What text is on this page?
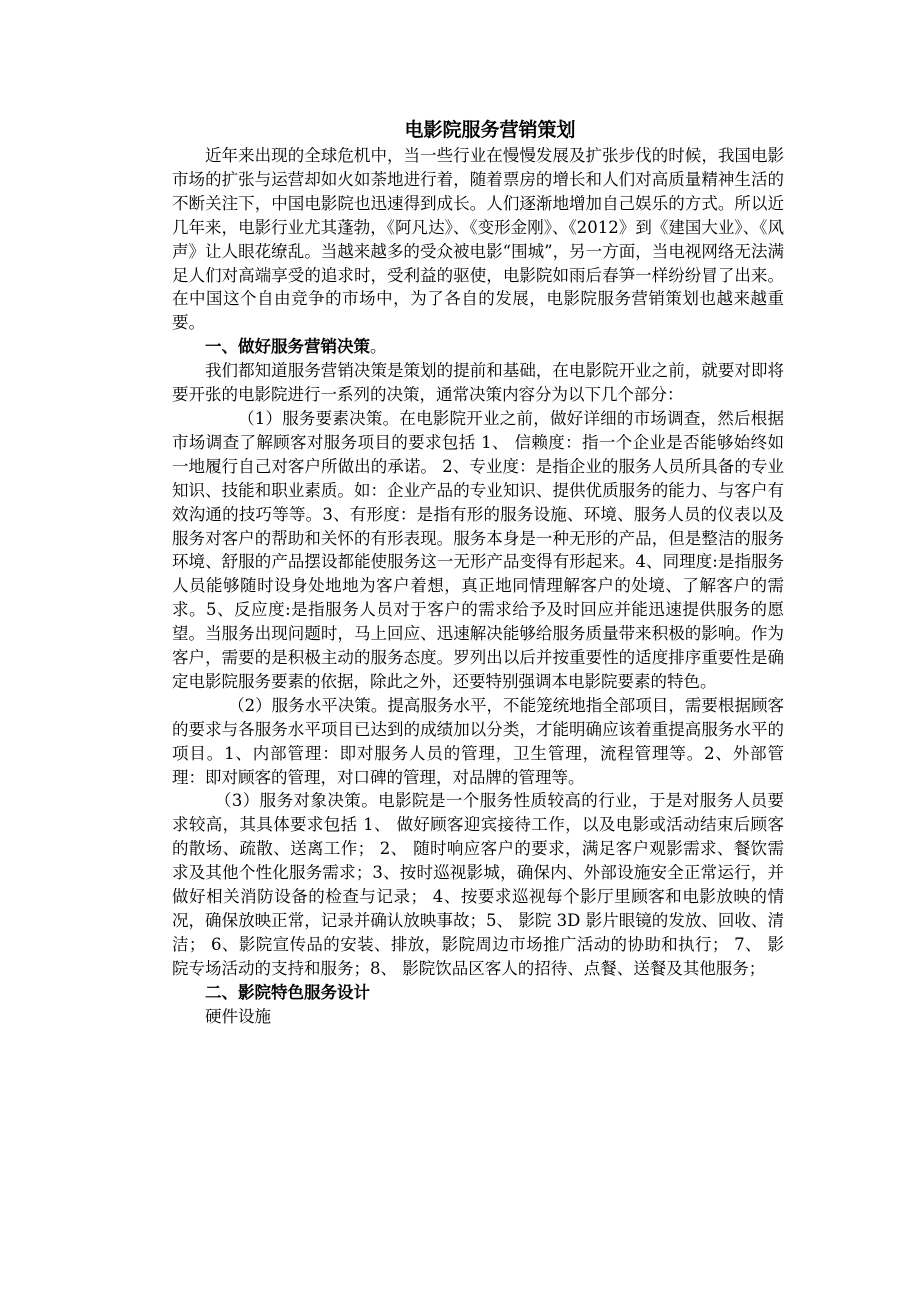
电影院服务营销策划

近年来出现的全球危机中，当一些行业在慢慢发展及扩张步伐的时候，我国电影市场的扩张与运营却如火如荼地进行着，随着票房的增长和人们对高质量精神生活的不断关注下，中国电影院也迅速得到成长。人们逐渐地增加自己娱乐的方式。所以近几年来，电影行业尤其蓬勃，《阿凡达》、《变形金刚》、《2012》到《建国大业》、《风声》让人眼花缭乱。当越来越多的受众被电影“围城”，另一方面，当电视网络无法满足人们对高端享受的追求时，受利益的驱使，电影院如雨后春笋一样纷纷冒了出来。在中国这个自由竞争的市场中，为了各自的发展，电影院服务营销策划也越来越重要。

一、做好服务营销决策。

我们都知道服务营销决策是策划的提前和基础，在电影院开业之前，就要对即将要开张的电影院进行一系列的决策，通常决策内容分为以下几个部分：

（1）服务要素决策。在电影院开业之前，做好详细的市场调查，然后根据市场调查了解顾客对服务项目的要求包括 1、 信赖度：指一个企业是否能够始终如一地履行自己对客户所做出的承诺。 2、专业度：是指企业的服务人员所具备的专业知识、技能和职业素质。如：企业产品的专业知识、提供优质服务的能力、与客户有效沟通的技巧等等。3、有形度：是指有形的服务设施、环境、服务人员的仪表以及服务对客户的帮助和关怀的有形表现。服务本身是一种无形的产品，但是整洁的服务环境、舒服的产品摆设都能使服务这一无形产品变得有形起来。4、同理度:是指服务人员能够随时设身处地地为客户着想，真正地同情理解客户的处境、了解客户的需求。5、反应度:是指服务人员对于客户的需求给予及时回应并能迅速提供服务的愿望。当服务出现问题时，马上回应、迅速解决能够给服务质量带来积极的影响。作为客户，需要的是积极主动的服务态度。罗列出以后并按重要性的适度排序重要性是确定电影院服务要素的依据，除此之外，还要特别强调本电影院要素的特色。

（2）服务水平决策。提高服务水平，不能笼统地指全部项目，需要根据顾客的要求与各服务水平项目已达到的成绩加以分类，才能明确应该着重提高服务水平的项目。1、内部管理：即对服务人员的管理，卫生管理，流程管理等。2、外部管理：即对顾客的管理，对口碑的管理，对品牌的管理等。

（3）服务对象决策。电影院是一个服务性质较高的行业，于是对服务人员要求较高，其具体要求包括 1、 做好顾客迎宾接待工作，以及电影或活动结束后顾客的散场、疏散、送离工作； 2、 随时响应客户的要求，满足客户观影需求、餐饮需求及其他个性化服务需求；3、按时巡视影城，确保内、外部设施安全正常运行，并做好相关消防设备的检查与记录； 4、按要求巡视每个影厅里顾客和电影放映的情况，确保放映正常，记录并确认放映事故；5、 影院 3D 影片眼镜的发放、回收、清洁； 6、影院宣传品的安装、排放，影院周边市场推广活动的协助和执行； 7、 影院专场活动的支持和服务；8、 影院饮品区客人的招待、点餐、送餐及其他服务；

二、影院特色服务设计

硬件设施
